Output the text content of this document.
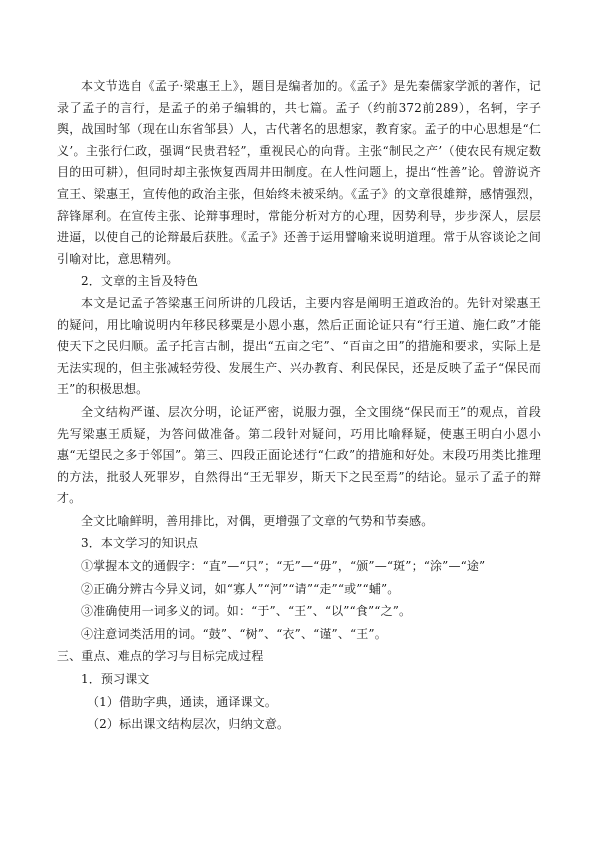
本文节选自《孟子·梁惠王上》，题目是编者加的。《孟子》是先秦儒家学派的著作，记录了孟子的言行，是孟子的弟子编辑的，共七篇。孟子（约前372前289），名轲，字子舆，战国时邹（现在山东省邹县）人，古代著名的思想家，教育家。孟子的中心思想是“仁义’。主张行仁政，强调“民贵君轻”，重视民心的向背。主张“制民之产’（使农民有规定数目的田可耕），但同时却主张恢复西周井田制度。在人性问题上，提出“性善”论。曾游说齐宣王、梁惠王，宣传他的政治主张，但始终未被采纳。《孟子》的文章很雄辩，感情强烈，辞锋犀利。在宣传主张、论辩事理时，常能分析对方的心理，因势利导，步步深人，层层进逼，以使自己的论辩最后获胜。《孟子》还善于运用譬喻来说明道理。常于从容谈论之间引喻对比，意思精列。

2．文章的主旨及特色

本文是记孟子答梁惠王问所讲的几段话，主要内容是阐明王道政治的。先针对梁惠王的疑问，用比喻说明内年移民移粟是小恩小惠，然后正面论证只有“行王道、施仁政”才能使天下之民归顺。孟子托言古制，提出“五亩之宅”、“百亩之田”的措施和要求，实际上是无法实现的，但主张减轻劳役、发展生产、兴办教育、利民保民，还是反映了孟子“保民而王”的积极思想。

全文结构严谨、层次分明，论证严密，说服力强，全文围绕“保民而王”的观点，首段先写梁惠王质疑，为答问做准备。第二段针对疑问，巧用比喻释疑，使惠王明白小恩小惠“无望民之多于邻国”。第三、四段正面论述行“仁政”的措施和好处。末段巧用类比推理的方法，批驳人死罪岁，自然得出“王无罪岁，斯天下之民至焉”的结论。显示了孟子的辩才。

全文比喻鲜明，善用排比，对偶，更增强了文章的气势和节奏感。

3．本文学习的知识点

①掌握本文的通假字：“直”—“只”；“无”—“毋”，“颁”—“斑”；“涂”—“途”

②正确分辨古今异义词，如“寡人”“河”“请”“走”“或”“蜅”。

③准确使用一词多义的词。如：“于”、“王”、“以”“食”“之”。

④注意词类活用的词。“鼓”、“树”、“衣”、“谨”、“王”。

三、重点、难点的学习与目标完成过程

1．预习课文

（1）借助字典，通读，通译课文。

（2）标出课文结构层次，归纳文意。
